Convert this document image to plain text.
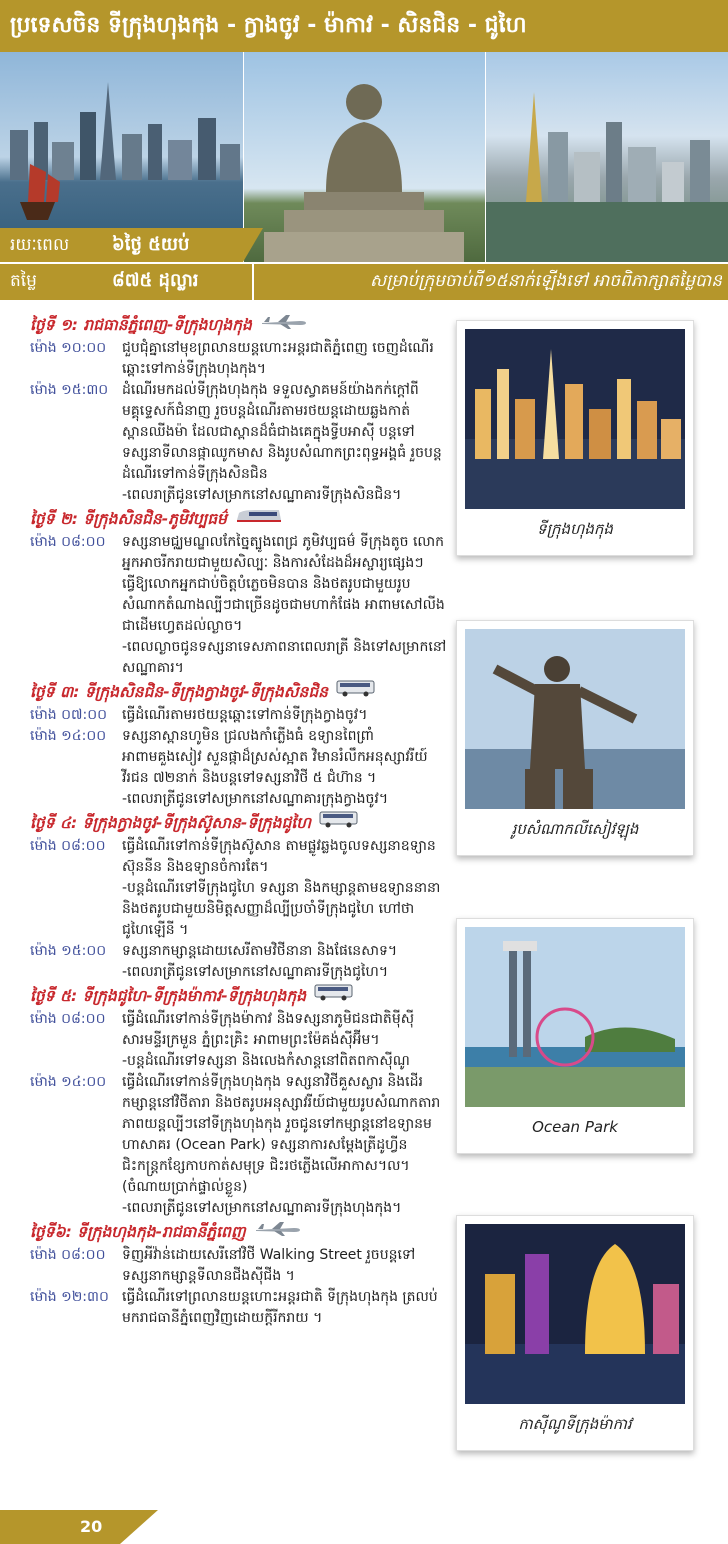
ប្រទេសចិន ទីក្រុងហុងកុង - ក្វាងចូវ - ម៉ាកាវ - សិនជិន - ជូហៃ
រយៈពេល ៦ថ្ងៃ ៥យប់
តម្លៃ	៨៧៥ ដុល្លារ	សម្រាប់ក្រុមចាប់ពី១៥នាក់ឡើងទៅ អាចពិភាក្សាតម្លៃបាន
ថ្ងៃទី ១: រាជធានីភ្នំពេញ-ទីក្រុងហុងកុង
ម៉ោង ១០:០០	ជួបជុំគ្នានៅមុខព្រលានយន្តហោះអន្តរជាតិភ្នំពេញ ចេញដំណើរឆ្ពោះទៅកាន់ទីក្រុងហុងកុង។
ម៉ោង ១៥:៣០ ដំណើរមកដល់ទីក្រុងហុងកុង ទទួលស្វាគមន៍យ៉ាងកក់ក្តៅពីមគ្គុទ្ទេសក៍ជំនាញ រួចបន្តដំណើរតាមរថយន្តដោយឆ្លងកាត់ស្ពានឈីងម៉ា ដែលជាស្ពានដ៏ធំជាងគេក្នុងទ្វីបអាស៊ី បន្តទៅទស្សនាទីលានផ្កាឈូកមាស និងរូបសំណាកព្រះពុទ្ធអង្គធំ រួចបន្តដំណើរទៅកាន់ទីក្រុងសិនជិន
-ពេលរាត្រីជូនទៅសម្រាកនៅសណ្ឋាគារទីក្រុងសិនជិន។
ថ្ងៃទី ២: ទីក្រុងសិនជិន-ភូមិវប្បធម៌
ម៉ោង ០៨:០០	ទស្សនាមជ្ឈមណ្ឌលកែច្នៃត្បូងពេជ្រ ភូមិវប្បធម៌ ទីក្រុងតូច លោកអ្នកអាចរីករាយជាមួយសិល្បៈ និងការសំដែងដ៏អស្ចារ្យផ្សេងៗ ធ្វើឱ្យលោកអ្នកជាប់ចិត្តបំភ្លេចមិនបាន និងថតរូបជាមួយរូបសំណាកតំណាងល្បីៗជាច្រើនដូចជាមហាកំផែង អាពាមសៅលីងជាដើមហ្វេតដល់ល្ងាច។
-ពេលល្ងាចជូនទស្សនាទេសភាពនាពេលរាត្រី និងទៅសម្រាកនៅសណ្ឋាគារ។
ថ្ងៃទី ៣: ទីក្រុងសិនជិន-ទីក្រុងក្វាងចូវ-ទីក្រុងសិនជិន
ម៉ោង ០៧:០០	ធ្វើដំណើរតាមរថយន្តឆ្ពោះទៅកាន់ទីក្រុងក្វាងចូវ។
ម៉ោង ១៤:០០	ទស្សនាស្ពានហូមិន ជ្រលងកាំភ្លើងធំ ឧទ្យានពៃព្រាំ អាពាមគួងសៀវ សួនផ្កាដ៏ស្រស់ស្អាត វិមានរំលឹកអនុស្សាវរីយ៍វីរជន ៧២នាក់ និងបន្តទៅទស្សនាវិថី ៥ ជំហ៊ាន ។
-ពេលរាត្រីជូនទៅសម្រាកនៅសណ្ឋាគារក្រុងក្វាងចូវ។
ថ្ងៃទី ៤: ទីក្រុងក្វាងចូវ-ទីក្រុងស៊ូសាន-ទីក្រុងជូហៃ
ម៉ោង ០៨:០០	ធ្វើដំណើរទៅកាន់ទីក្រុងស៊ូសាន តាមផ្លូវឆ្លងចូលទស្សនាឧទ្យានស៊ុននីន និងឧទ្យានចំការតែ។
-បន្តដំណើរទៅទីក្រុងជូហៃ ទស្សនា និងកម្សាន្តតាមឧទ្យាននានា និងថតរូបជាមួយនិមិត្តសញ្ញាដ៏ល្បីប្រចាំទីក្រុងជូហៃ ហៅថា ជូហៃឡើនី ។
ម៉ោង ១៥:០០	ទស្សនាកម្សាន្តដោយសេរីតាមវិថីនានា និងផែនេសាទ។
-ពេលរាត្រីជូនទៅសម្រាកនៅសណ្ឋាគារទីក្រុងជូហៃ។
ថ្ងៃទី ៥: ទីក្រុងជូហៃ-ទីក្រុងម៉ាកាវ-ទីក្រុងហុងកុង
ម៉ោង ០៨:០០	ធ្វើដំណើរទៅកាន់ទីក្រុងម៉ាកាវ និងទស្សនាភូមិជនជាតិម៉ីស៊ី សារមន្ទីរក្រមួន ភ្នំព្រះគ្រិះ អាពាមព្រះម៉ែគង់ស៊ីអ៊ីម។
-បន្តដំណើរទៅទស្សនា និងលេងកំសាន្តនៅពិតពកាស៊ីណូ
ម៉ោង ១៤:០០	ធ្វើដំណើរទៅកាន់ទីក្រុងហុងកុង ទស្សនាវិថីគួសស្លារ និងដើរកម្សាន្តនៅវិថីតារា និងថតរូបអនុស្សាវរីយ៍ជាមួយរូបសំណាកតារាភាពយន្តល្បីៗនៅទីក្រុងហុងកុង រួចជូនទៅកម្សាន្តនៅឧទ្យានមហាសាគរ (Ocean Park) ទស្សនាការសម្តែងត្រីដូហ្វីន ជិះកន្រ្តកខ្សែកាបកាត់សមុទ្រ ជិះរថភ្លើងលើអាកាស។ល។ (ចំណាយប្រាក់ផ្ទាល់ខ្លួន)
-ពេលរាត្រីជូនទៅសម្រាកនៅសណ្ឋាគារទីក្រុងហុងកុង។
ថ្ងៃទី៦: ទីក្រុងហុងកុង-រាជធានីភ្នំពេញ
ម៉ោង ០៨:០០	ទិញអីវ៉ាន់ដោយសេរីនៅវិថី Walking Street រួចបន្តទៅទស្សនាកម្សាន្តទីលានជីងស៊ីជីង ។
ម៉ោង ១២:៣០ ធ្វើដំណើរទៅព្រលានយន្តហោះអន្តរជាតិ ទីក្រុងហុងកុង ត្រលប់មករាជធានីភ្នំពេញវិញដោយក្តីរីករាយ ។
ទីក្រុងហុងកុង
រូបសំណាកលីសៀវឡុង
Ocean Park
កាស៊ីណូទីក្រុងម៉ាកាវ
20
